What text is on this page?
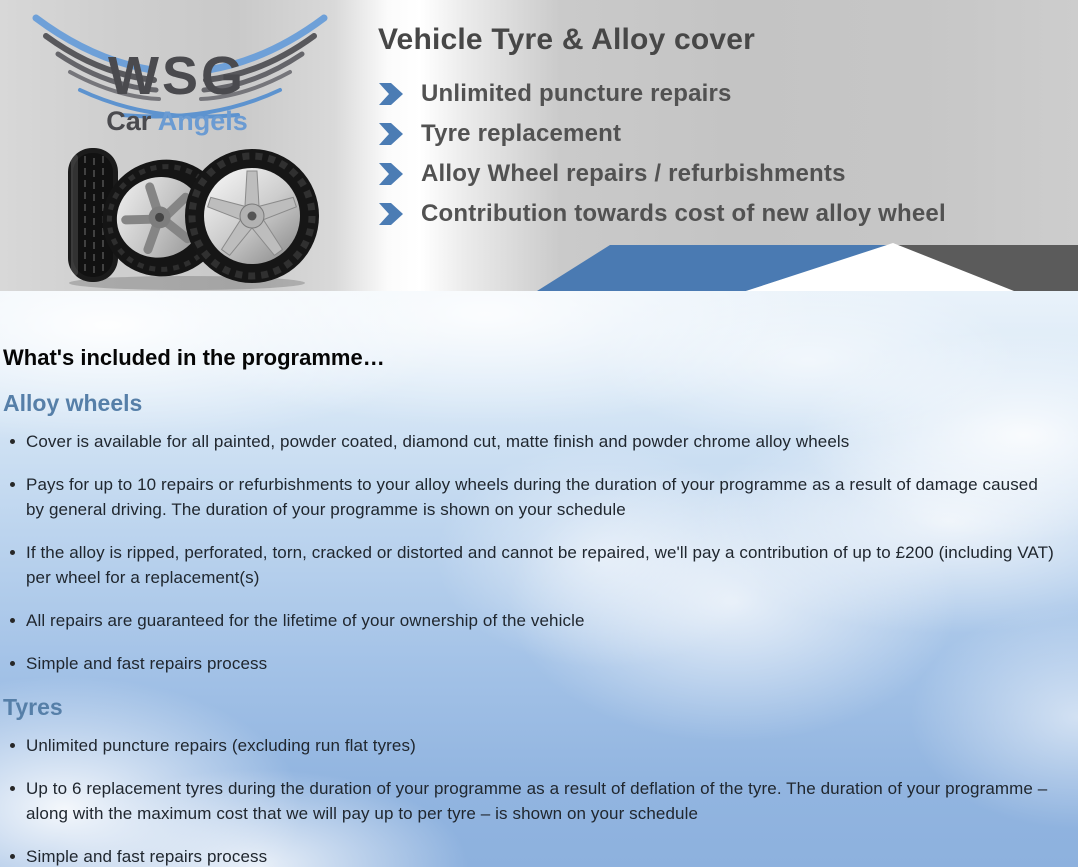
WSG
Car Angels
Vehicle Tyre & Alloy cover
Unlimited puncture repairs
Tyre replacement
Alloy Wheel repairs / refurbishments
Contribution towards cost of new alloy wheel
What's included in the programme…
Alloy wheels
Cover is available for all painted, powder coated, diamond cut, matte finish and powder chrome alloy wheels
Pays for up to 10 repairs or refurbishments to your alloy wheels during the duration of your programme as a result of damage caused by general driving. The duration of your programme is shown on your schedule
If the alloy is ripped, perforated, torn, cracked or distorted and cannot be repaired, we'll pay a contribution of up to £200 (including VAT) per wheel for a replacement(s)
All repairs are guaranteed for the lifetime of your ownership of the vehicle
Simple and fast repairs process
Tyres
Unlimited puncture repairs (excluding run flat tyres)
Up to 6 replacement tyres during the duration of your programme as a result of deflation of the tyre. The duration of your programme – along with the maximum cost that we will pay up to per tyre – is shown on your schedule
Simple and fast repairs process
